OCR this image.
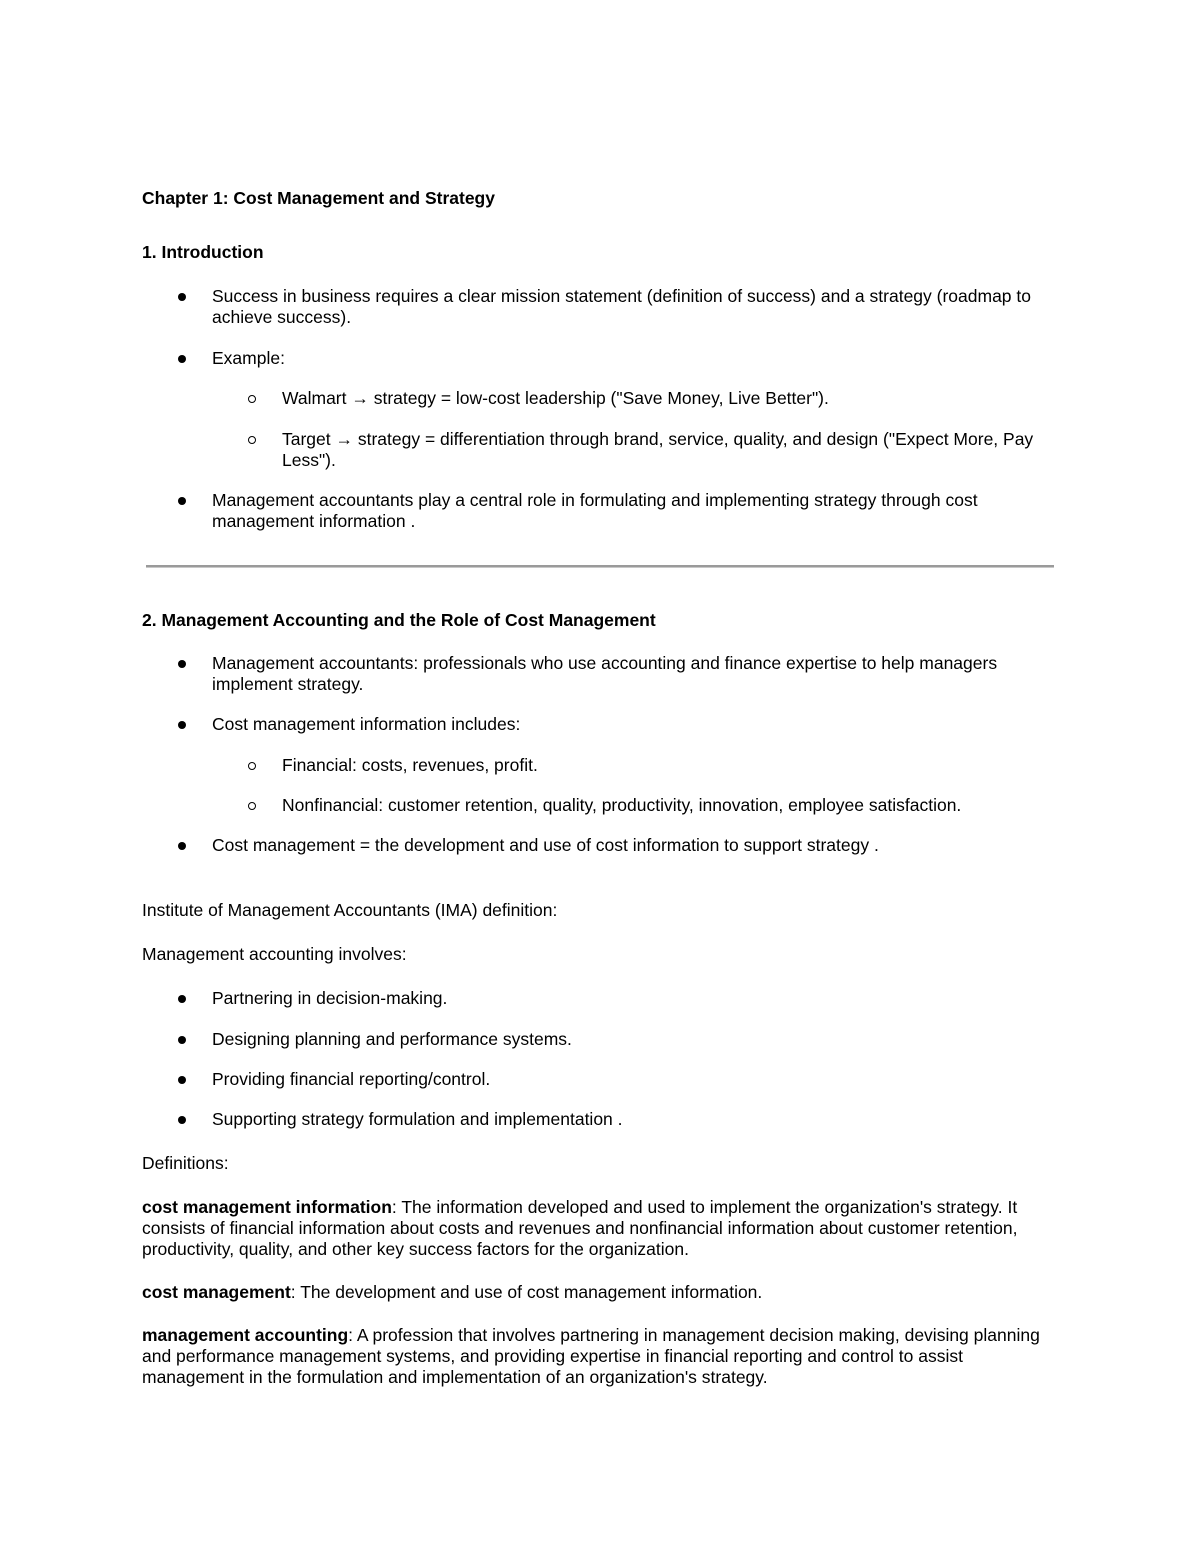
Chapter 1: Cost Management and Strategy

1. Introduction

Success in business requires a clear mission statement (definition of success) and a strategy (roadmap to achieve success).
Example:
Walmart → strategy = low-cost leadership ("Save Money, Live Better").
Target → strategy = differentiation through brand, service, quality, and design ("Expect More, Pay Less").
Management accountants play a central role in formulating and implementing strategy through cost management information .

2. Management Accounting and the Role of Cost Management

Management accountants: professionals who use accounting and finance expertise to help managers implement strategy.
Cost management information includes:
Financial: costs, revenues, profit.
Nonfinancial: customer retention, quality, productivity, innovation, employee satisfaction.
Cost management = the development and use of cost information to support strategy .

Institute of Management Accountants (IMA) definition:

Management accounting involves:

Partnering in decision-making.
Designing planning and performance systems.
Providing financial reporting/control.
Supporting strategy formulation and implementation .

Definitions:

cost management information: The information developed and used to implement the organization's strategy. It consists of financial information about costs and revenues and nonfinancial information about customer retention, productivity, quality, and other key success factors for the organization.

cost management: The development and use of cost management information.

management accounting: A profession that involves partnering in management decision making, devising planning and performance management systems, and providing expertise in financial reporting and control to assist management in the formulation and implementation of an organization's strategy.
